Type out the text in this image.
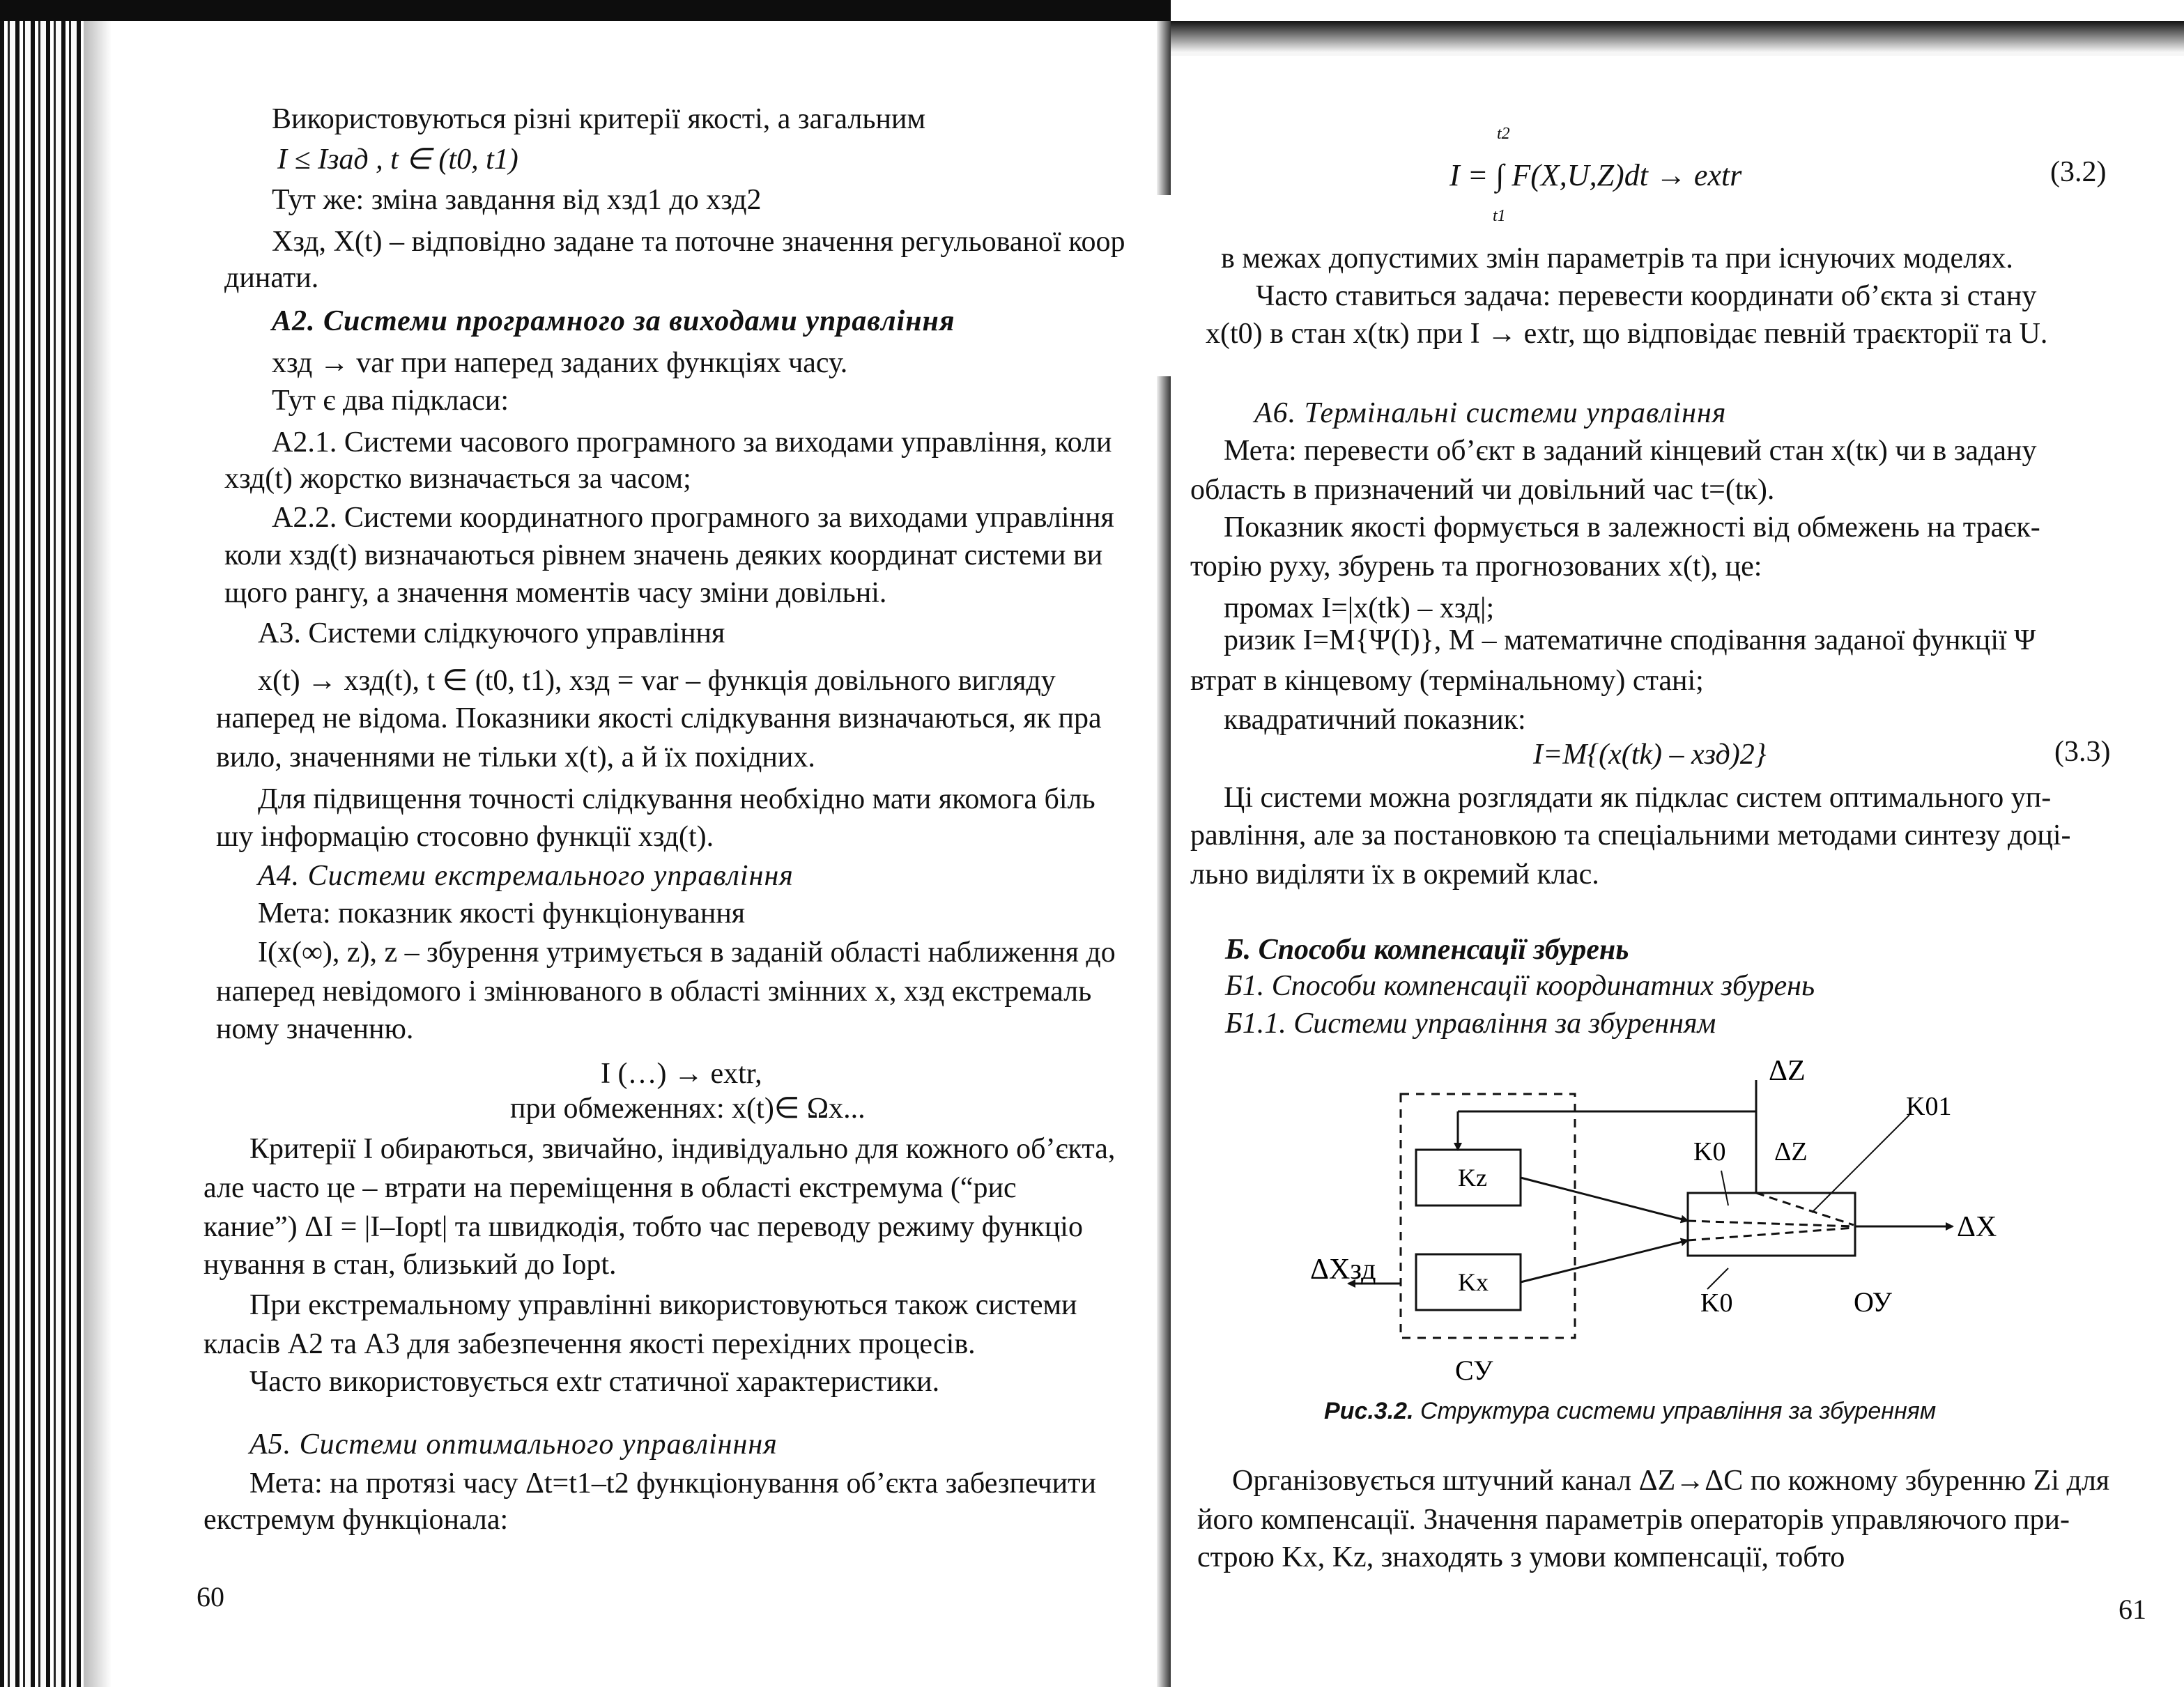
Використовуються різні критерії якості, а загальним
I ≤ Iзад , t ∈ (t0, t1)
Тут же: зміна завдання від xзд1 до xзд2
Xзд, X(t) – відповідно задане та поточне значення регульованої коор
динати.
А2. Системи програмного за виходами управління
xзд → var при наперед заданих функціях часу.
Тут є два підкласи:
А2.1. Системи часового програмного за виходами управління, коли
xзд(t) жорстко визначається за часом;
А2.2. Системи координатного програмного за виходами управління
коли xзд(t) визначаються рівнем значень деяких координат системи ви
щого рангу, а значення моментів часу зміни довільні.
А3. Системи слідкуючого управління
x(t) → xзд(t), t ∈ (t0, t1), xзд = var – функція довільного вигляду
наперед не відома. Показники якості слідкування визначаються, як пра
вило, значеннями не тільки x(t), а й їх похідних.
Для підвищення точності слідкування необхідно мати якомога біль
шу інформацію стосовно функції xзд(t).
А4. Системи екстремального управління
Мета: показник якості функціонування
I(x(∞), z), z – збурення утримується в заданій області наближення до
наперед невідомого і змінюваного в області змінних x, xзд екстремаль
ному значенню.
I (…) → extr,
при обмеженнях: x(t)∈ Ωx...
Критерії I обираються, звичайно, індивідуально для кожного об’єкта,
але часто це – втрати на переміщення в області екстремума (“рис
кание”) ΔI = |I–Iopt| та швидкодія, тобто час переводу режиму функціо
нування в стан, близький до Iopt.
При екстремальному управлінні використовуються також системи
класів А2 та А3 для забезпечення якості перехідних процесів.
Часто використовується extr статичної характеристики.
А5. Системи оптимального управлінння
Мета: на протязі часу Δt=t1–t2 функціонування об’єкта забезпечити
екстремум функціонала:
60
I = ∫ F(X,U,Z)dt → extr
t2
t1
(3.2)
в межах допустимих змін параметрів та при існуючих моделях.
Часто ставиться задача: перевести координати об’єкта зі стану
x(t0) в стан x(tк) при I → extr, що відповідає певній траєкторії та U.
А6. Термінальні системи управління
Мета: перевести об’єкт в заданий кінцевий стан x(tк) чи в задану
область в призначений чи довільний час t=(tк).
Показник якості формується в залежності від обмежень на траєк-
торію руху, збурень та прогнозованих x(t), це:
промах I=|x(tk) – xзд|;
ризик I=M{Ψ(I)}, M – математичне сподівання заданої функції Ψ
втрат в кінцевому (термінальному) стані;
квадратичний показник:
I=M{(x(tk) – xзд)2}	(3.3)
Ці системи можна розглядати як підклас систем оптимального уп-
равління, але за постановкою та спеціальними методами синтезу доці-
льно виділяти їх в окремий клас.
Б. Способи компенсації збурень
Б1. Способи компенсації координатних збурень
Б1.1. Системи управління за збуренням
Kz
Kx
ΔZ
K01
K0 ΔZ
ΔX
ΔXзд
K0	ОУ
СУ
Рис.3.2. Структура системи управління за збуренням
Організовується штучний канал ΔZ→ΔC по кожному збуренню Zi для
його компенсації. Значення параметрів операторів управляючого при-
строю Kx, Kz, знаходять з умови компенсації, тобто
61
